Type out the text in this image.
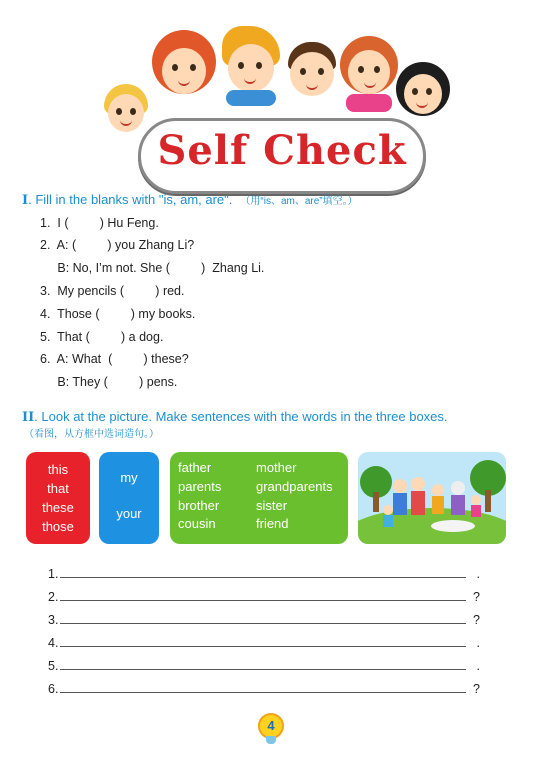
Self Check
I. Fill in the blanks with "is, am, are". （用“is、am、are”填空。）
1.  I (         ) Hu Feng.
2.  A: (         ) you Zhang Li?
B: No, I’m not. She (         )  Zhang Li.
3.  My pencils (         ) red.
4.  Those (         ) my books.
5.  That (         ) a dog.
6.  A: What  (         ) these?
B: They (         ) pens.
II. Look at the picture. Make sentences with the words in the three boxes.
（看图，从方框中选词造句。）
this
that
these
those
my
your
father
parents
brother
cousin
mother
grandparents
sister
friend
1.	.
2.	?
3.	?
4.	.
5.	.
6.	?
4
